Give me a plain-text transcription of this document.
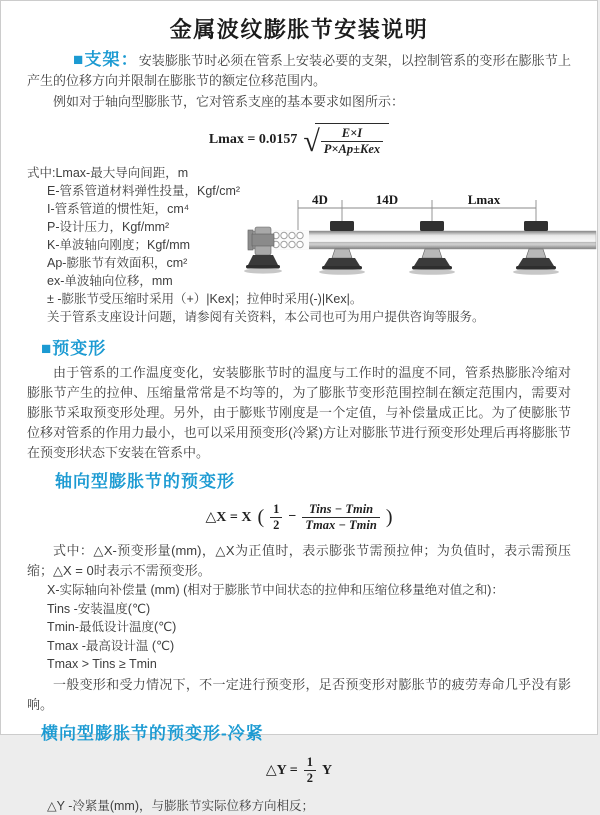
金属波纹膨胀节安装说明

■支架：安装膨胀节时必须在管系上安装必要的支架，以控制管系的变形在膨胀节上产生的位移方向并限制在膨胀节的额定位移范围内。

例如对于轴向型膨胀节，它对管系支座的基本要求如图所示：

Lmax = 0.0157 √ $\frac{E\times I}{\text{P×Ap±Kex}}$
式中:Lmax-最大导向间距，m
E-管系管道材料弹性投量，Kgf/cm²
I-管系管道的惯性矩，cm⁴
P-设计压力，Kgf/mm²
K-单波轴向刚度；Kgf/mm
Ap-膨胀节有效面积，cm²
ex-单波轴向位移，mm
± -膨胀节受压缩时采用（+）|Kex|；拉伸时采用(-)|Kex|。
关于管系支座设计问题，请参阅有关资料，本公司也可为用户提供咨询等服务。
4D	14D	Lmax
■预变形

由于管系的工作温度变化，安装膨胀节时的温度与工作时的温度不同，管系热膨胀冷缩对膨胀节产生的拉伸、压缩量常常是不均等的，为了膨胀节变形范围控制在额定范围内，需要对膨胀节采取预变形处理。另外，由于膨账节刚度是一个定值，与补偿量成正比。为了使膨胀节位移对管系的作用力最小，也可以采用预变形(冷紧)方让对膨胀节进行预变形处理后再将膨胀节在预变形状态下安装在管系中。

轴向型膨胀节的预变形
△X = X ( $\frac{1}{2} - \frac{\text{Tins − Tmin}}{Tmax - Tmin}$ )

式中：△X-预变形量(mm)，△X为正值时，表示膨张节需预拉伸；为负值时，表示需预压缩；△X = 0时表示不需预变形。

X-实际轴向补偿量 (mm) (相对于膨胀节中间状态的拉伸和压缩位移量绝对值之和)：
Tins -安装温度(℃)
Tmin-最低设计温度(℃)
Tmax -最高设计温 (℃)
Tmax > Tins ≥ Tmin

一般变形和受力情况下，不一定进行预变形，足否预变形对膨胀节的疲劳寿命几乎没有影响。

横向型膨胀节的预变形-冷紧
△Y = $\frac{1}{2}$ Y
△Y -冷紧量(mm)，与膨胀节实际位移方向相反；
